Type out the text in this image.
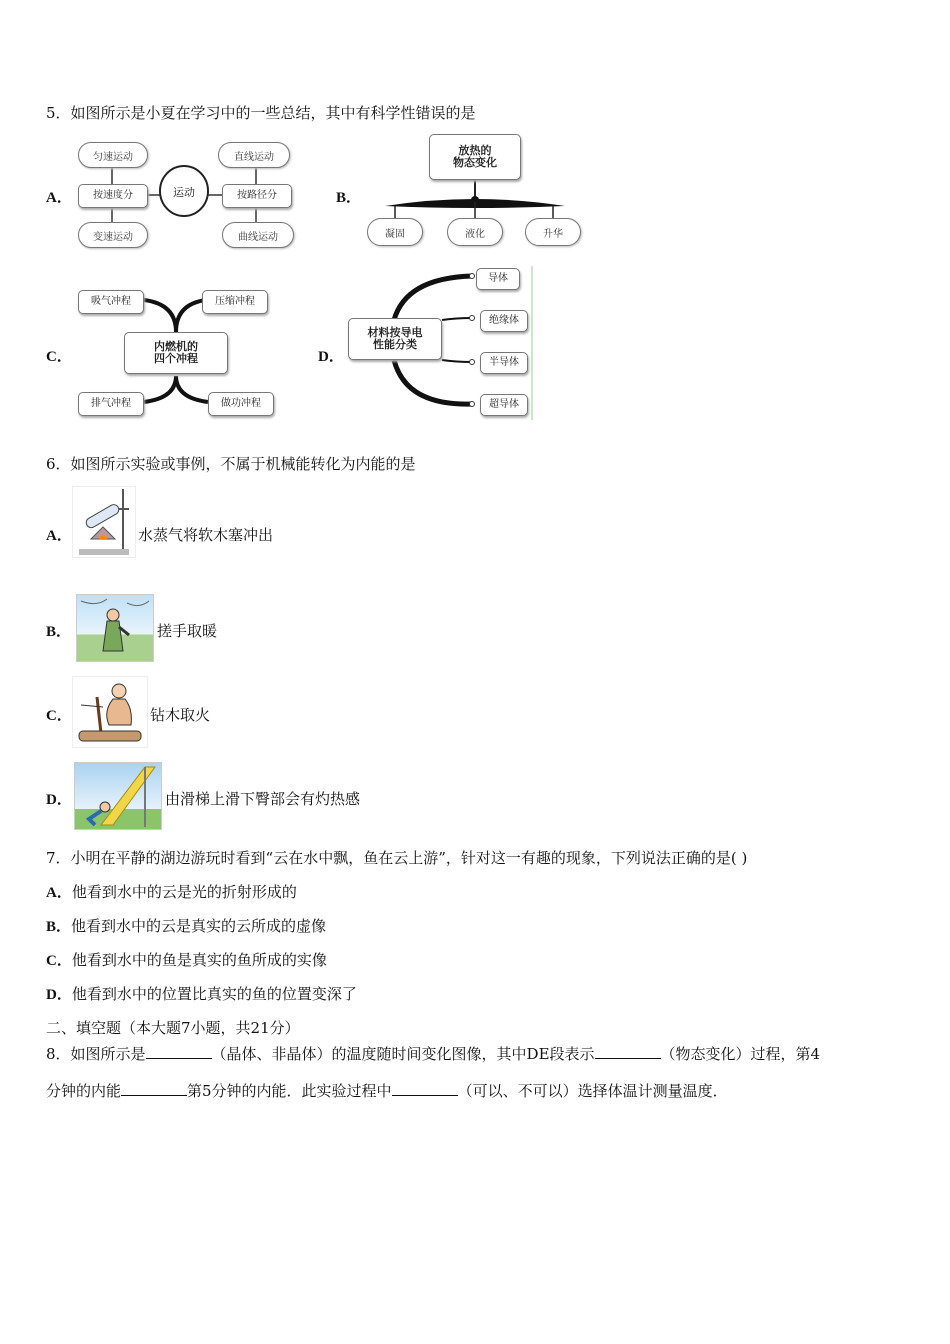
5．如图所示是小夏在学习中的一些总结，其中有科学性错误的是
A．
匀速运动
按速度分
变速运动
运动
直线运动
按路径分
曲线运动
B．
放热的
物态变化
凝固	液化	升华
C．
吸气冲程	压缩冲程
内燃机的
四个冲程
排气冲程	做功冲程
D．
材料按导电
性能分类
导体
绝缘体
半导体
超导体
6．如图所示实验或事例，不属于机械能转化为内能的是
A．	水蒸气将软木塞冲出
B．	搓手取暖
C．	钻木取火
D．	由滑梯上滑下臀部会有灼热感
7．小明在平静的湖边游玩时看到“云在水中飘，鱼在云上游”，针对这一有趣的现象，下列说法正确的是( )
A．他看到水中的云是光的折射形成的
B．他看到水中的云是真实的云所成的虚像
C．他看到水中的鱼是真实的鱼所成的实像
D．他看到水中的位置比真实的鱼的位置变深了
二、填空题（本大题7小题，共21分）
8．如图所示是	（晶体、非晶体）的温度随时间变化图像，其中DE段表示	（物态变化）过程，第4
分钟的内能	第5分钟的内能．此实验过程中	（可以、不可以）选择体温计测量温度．
